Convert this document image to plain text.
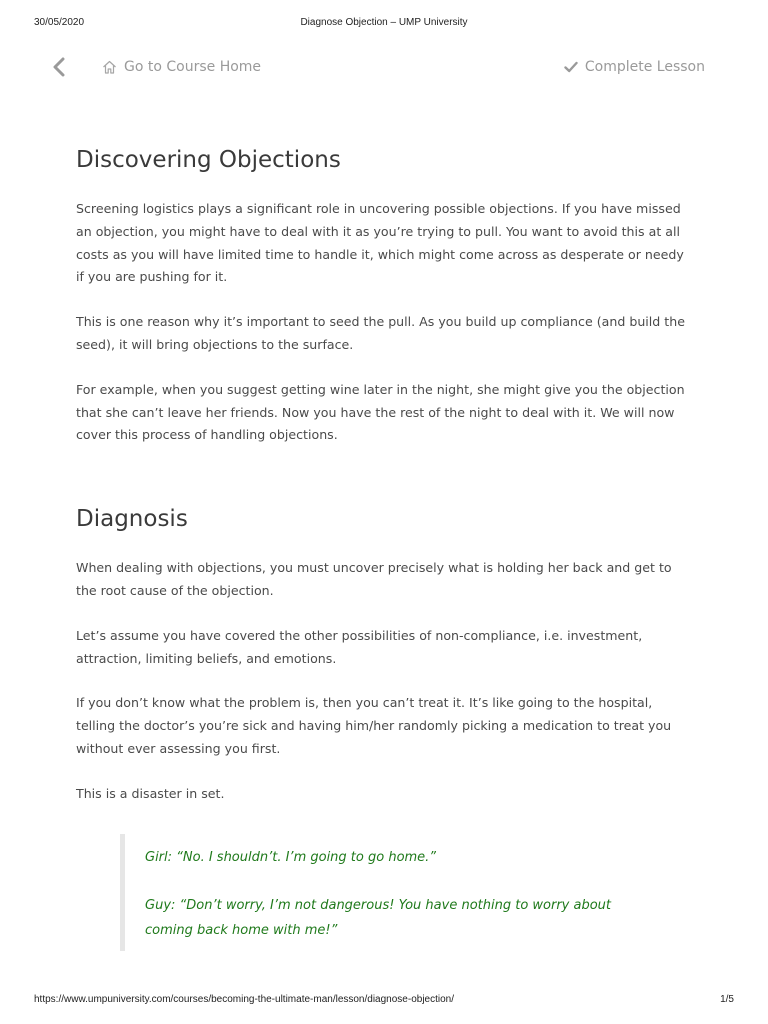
30/05/2020	Diagnose Objection – UMP University
Go to Course Home	Complete Lesson
Discovering Objections

Screening logistics plays a significant role in uncovering possible objections. If you have missed an objection, you might have to deal with it as you’re trying to pull. You want to avoid this at all costs as you will have limited time to handle it, which might come across as desperate or needy if you are pushing for it.

This is one reason why it’s important to seed the pull. As you build up compliance (and build the seed), it will bring objections to the surface.

For example, when you suggest getting wine later in the night, she might give you the objection that she can’t leave her friends. Now you have the rest of the night to deal with it. We will now cover this process of handling objections.

Diagnosis

When dealing with objections, you must uncover precisely what is holding her back and get to the root cause of the objection.

Let’s assume you have covered the other possibilities of non-compliance, i.e. investment, attraction, limiting beliefs, and emotions.

If you don’t know what the problem is, then you can’t treat it. It’s like going to the hospital, telling the doctor’s you’re sick and having him/her randomly picking a medication to treat you without ever assessing you first.

This is a disaster in set.

Girl: “No. I shouldn’t. I’m going to go home.”

Guy: “Don’t worry, I’m not dangerous! You have nothing to worry about coming back home with me!”

https://www.umpuniversity.com/courses/becoming-the-ultimate-man/lesson/diagnose-objection/	1/5
